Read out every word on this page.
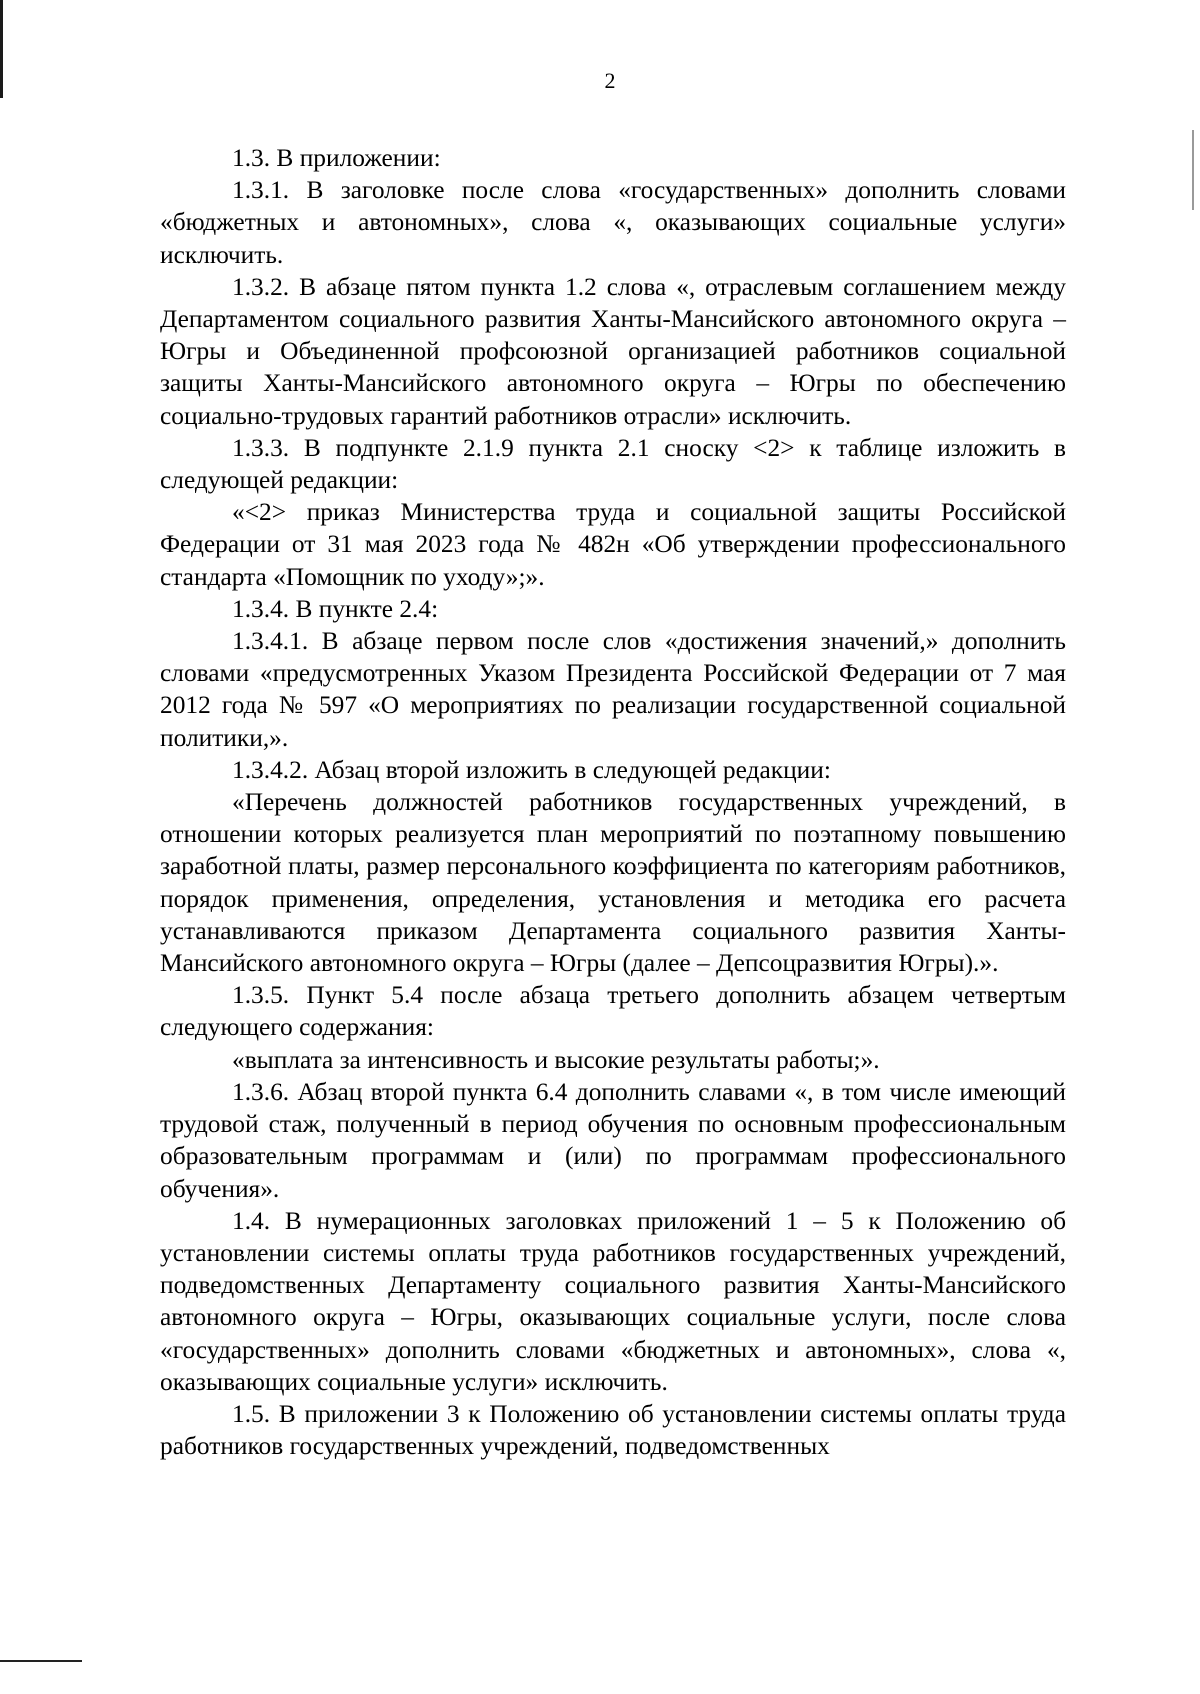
2

1.3. В приложении:

1.3.1. В заголовке после слова «государственных» дополнить словами «бюджетных и автономных», слова «, оказывающих социальные услуги» исключить.

1.3.2. В абзаце пятом пункта 1.2 слова «, отраслевым соглашением между Департаментом социального развития Ханты-Мансийского автономного округа – Югры и Объединенной профсоюзной организацией работников социальной защиты Ханты-Мансийского автономного округа – Югры по обеспечению социально-трудовых гарантий работников отрасли» исключить.

1.3.3. В подпункте 2.1.9 пункта 2.1 сноску <2> к таблице изложить в следующей редакции:

«<2> приказ Министерства труда и социальной защиты Российской Федерации от 31 мая 2023 года № 482н «Об утверждении профессионального стандарта «Помощник по уходу»;».

1.3.4. В пункте 2.4:

1.3.4.1. В абзаце первом после слов «достижения значений,» дополнить словами «предусмотренных Указом Президента Российской Федерации от 7 мая 2012 года № 597 «О мероприятиях по реализации государственной социальной политики,».

1.3.4.2. Абзац второй изложить в следующей редакции:

«Перечень должностей работников государственных учреждений, в отношении которых реализуется план мероприятий по поэтапному повышению заработной платы, размер персонального коэффициента по категориям работников, порядок применения, определения, установления и методика его расчета устанавливаются приказом Департамента социального развития Ханты-Мансийского автономного округа – Югры (далее – Депсоцразвития Югры).».

1.3.5. Пункт 5.4 после абзаца третьего дополнить абзацем четвертым следующего содержания:

«выплата за интенсивность и высокие результаты работы;».

1.3.6. Абзац второй пункта 6.4 дополнить славами «, в том числе имеющий трудовой стаж, полученный в период обучения по основным профессиональным образовательным программам и (или) по программам профессионального обучения».

1.4. В нумерационных заголовках приложений 1 – 5 к Положению об установлении системы оплаты труда работников государственных учреждений, подведомственных Департаменту социального развития Ханты-Мансийского автономного округа – Югры, оказывающих социальные услуги, после слова «государственных» дополнить словами «бюджетных и автономных», слова «, оказывающих социальные услуги» исключить.

1.5. В приложении 3 к Положению об установлении системы оплаты труда работников государственных учреждений, подведомственных
